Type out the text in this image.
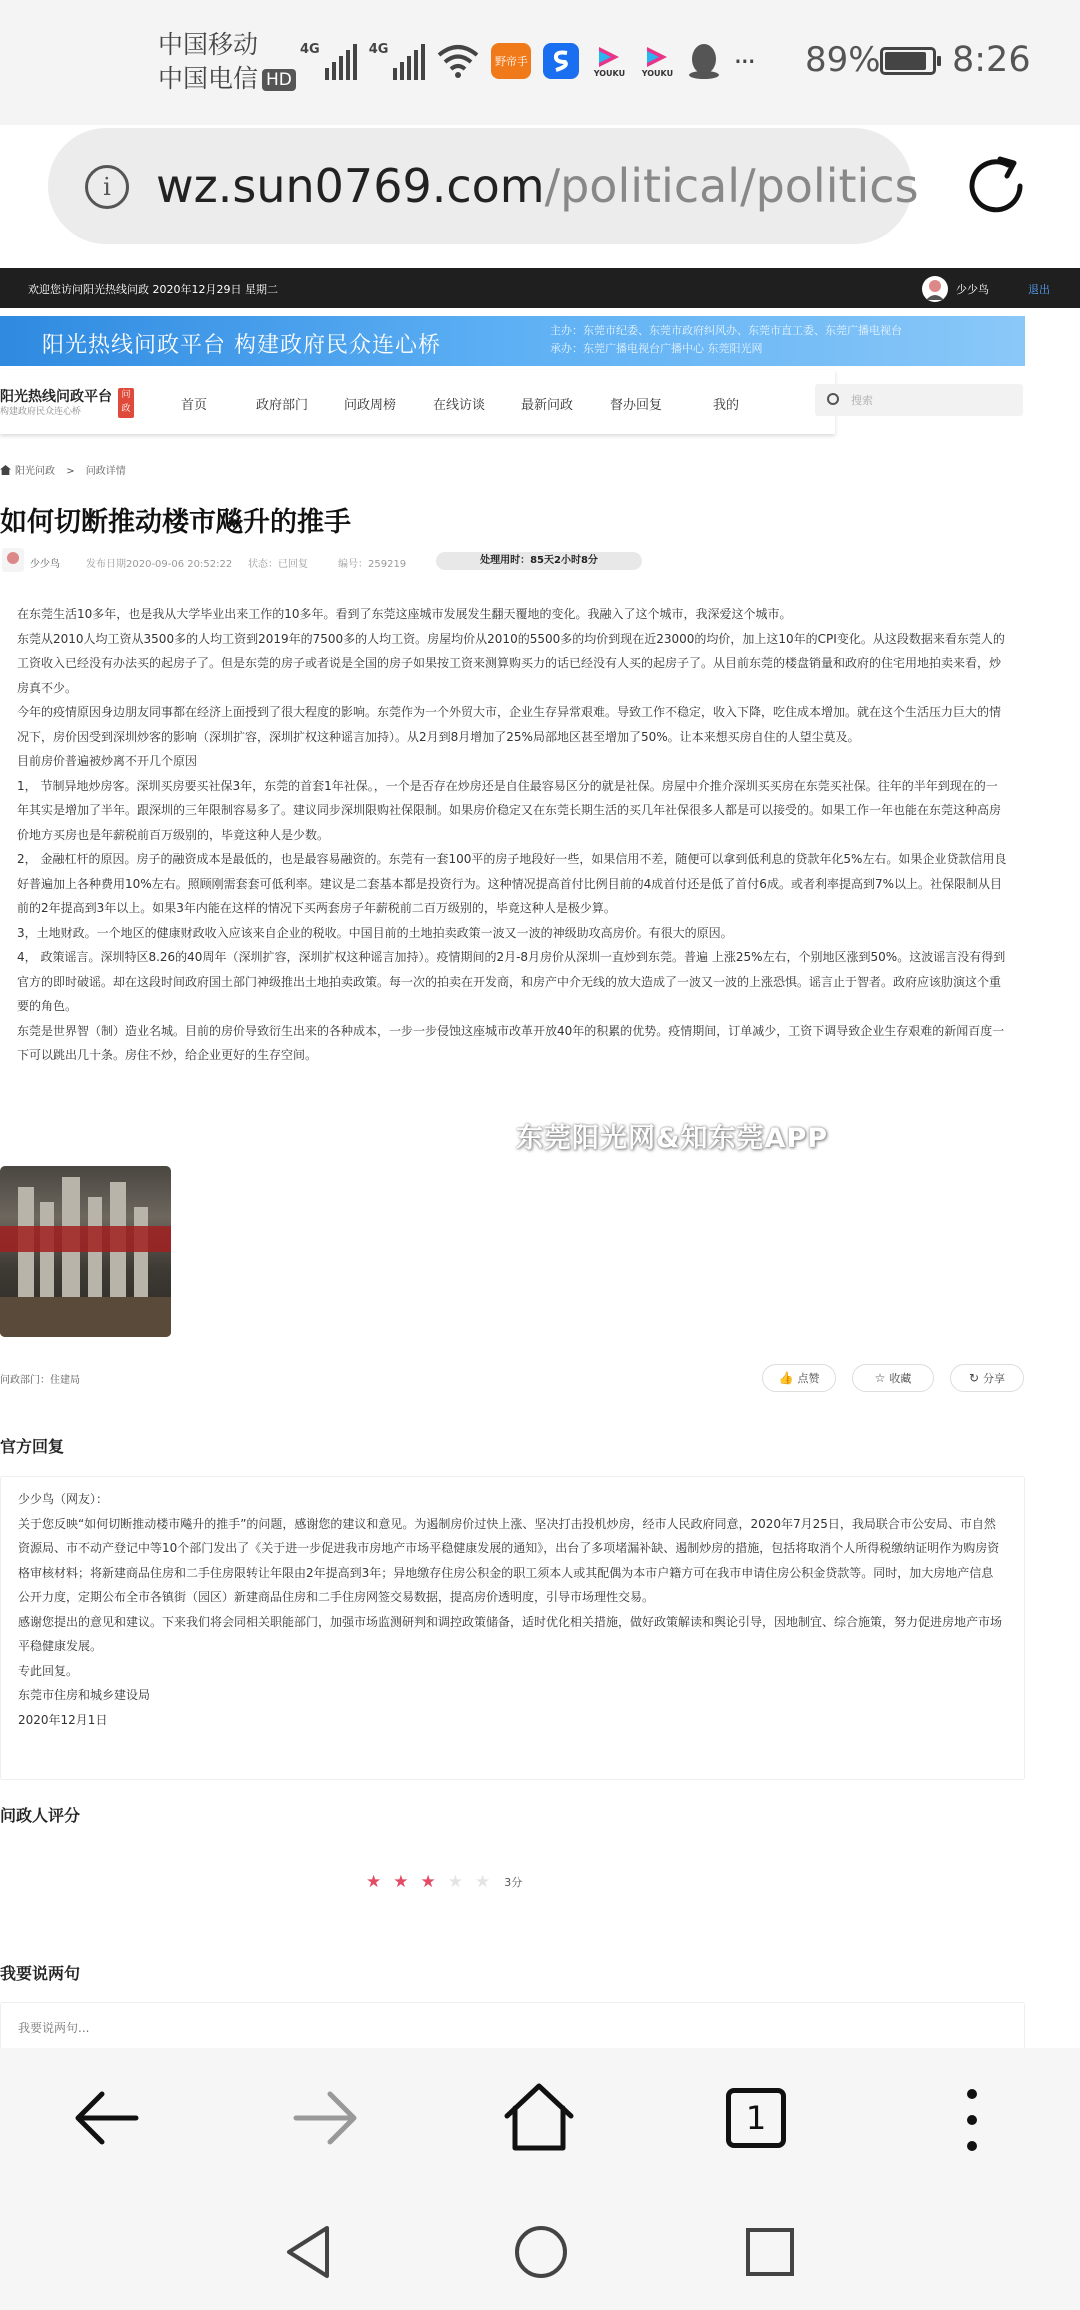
中国移动
中国电信 HD
4G	4G
野帝手
YOUKU YOUKU ··· 89% 8:26
i wz.sun0769.com/political/politics
欢迎您访问阳光热线问政 2020年12月29日 星期二	少少鸟	退出
阳光热线问政平台 构建政府民众连心桥
主办：东莞市纪委、东莞市政府纠风办、东莞市直工委、东莞广播电视台
承办：东莞广播电视台广播中心 东莞阳光网
阳光热线问政平台
构建政府民众连心桥
问政	首页	政府部门	问政周榜	在线访谈	最新问政	督办回复	我的	搜索
阳光问政 > 问政详情
如何切断推动楼市飚升的推手
少少鸟	发布日期2020-09-06 20:52:22 状态：已回复	编号：259219	处理用时：85天2小时8分

在东莞生活10多年，也是我从大学毕业出来工作的10多年。看到了东莞这座城市发展发生翻天覆地的变化。我融入了这个城市，我深爱这个城市。

东莞从2010人均工资从3500多的人均工资到2019年的7500多的人均工资。房屋均价从2010的5500多的均价到现在近23000的均价，加上这10年的CPI变化。从这段数据来看东莞人的工资收入已经没有办法买的起房子了。但是东莞的房子或者说是全国的房子如果按工资来测算购买力的话已经没有人买的起房子了。从目前东莞的楼盘销量和政府的住宅用地拍卖来看，炒房真不少。

今年的疫情原因身边朋友同事都在经济上面授到了很大程度的影响。东莞作为一个外贸大市，企业生存异常艰难。导致工作不稳定，收入下降，吃住成本增加。就在这个生活压力巨大的情况下，房价因受到深圳炒客的影响（深圳扩容，深圳扩权这种谣言加持）。从2月到8月增加了25%局部地区甚至增加了50%。让本来想买房自住的人望尘莫及。

目前房价普遍被炒离不开几个原因

1， 节制异地炒房客。深圳买房要买社保3年，东莞的首套1年社保。，一个是否存在炒房还是自住最容易区分的就是社保。房屋中介推介深圳买买房在东莞买社保。往年的半年到现在的一年其实是增加了半年。跟深圳的三年限制容易多了。建议同步深圳限购社保限制。如果房价稳定又在东莞长期生活的买几年社保很多人都是可以接受的。如果工作一年也能在东莞这种高房价地方买房也是年薪税前百万级别的，毕竟这种人是少数。

2， 金融杠杆的原因。房子的融资成本是最低的，也是最容易融资的。东莞有一套100平的房子地段好一些，如果信用不差，随便可以拿到低利息的贷款年化5%左右。如果企业贷款信用良好普遍加上各种费用10%左右。照顾刚需套套可低利率。建议是二套基本都是投资行为。这种情况提高首付比例目前的4成首付还是低了首付6成。或者利率提高到7%以上。社保限制从目前的2年提高到3年以上。如果3年内能在这样的情况下买两套房子年薪税前二百万级别的，毕竟这种人是极少算。

3，土地财政。一个地区的健康财政收入应该来自企业的税收。中国目前的土地拍卖政策一波又一波的神级助攻高房价。有很大的原因。

4， 政策谣言。深圳特区8.26的40周年（深圳扩容，深圳扩权这种谣言加持）。疫情期间的2月-8月房价从深圳一直炒到东莞。普遍 上涨25%左右，个别地区涨到50%。这波谣言没有得到官方的即时破谣。却在这段时间政府国土部门神级推出土地拍卖政策。每一次的拍卖在开发商，和房产中介无线的放大造成了一波又一波的上涨恐惧。谣言止于智者。政府应该肋演这个重要的角色。

东莞是世界智（制）造业名城。目前的房价导致衍生出来的各种成本，一步一步侵蚀这座城市改革开放40年的积累的优势。疫情期间，订单减少，工资下调导致企业生存艰难的新闻百度一下可以跳出几十条。房住不炒，给企业更好的生存空间。

东莞阳光网&知东莞APP
问政部门：住建局	👍 点赞	☆ 收藏	↻ 分享
官方回复

少少鸟（网友）：

关于您反映“如何切断推动楼市飚升的推手”的问题，感谢您的建议和意见。为遏制房价过快上涨、坚决打击投机炒房，经市人民政府同意，2020年7月25日，我局联合市公安局、市自然资源局、市不动产登记中等10个部门发出了《关于进一步促进我市房地产市场平稳健康发展的通知》，出台了多项堵漏补缺、遏制炒房的措施，包括将取消个人所得税缴纳证明作为购房资格审核材料；将新建商品住房和二手住房限转让年限由2年提高到3年；异地缴存住房公积金的职工须本人或其配偶为本市户籍方可在我市申请住房公积金贷款等。同时，加大房地产信息公开力度，定期公布全市各镇街（园区）新建商品住房和二手住房网签交易数据，提高房价透明度，引导市场理性交易。

感谢您提出的意见和建议。下来我们将会同相关职能部门，加强市场监测研判和调控政策储备，适时优化相关措施，做好政策解读和舆论引导，因地制宜、综合施策，努力促进房地产市场平稳健康发展。

专此回复。

东莞市住房和城乡建设局

2020年12月1日

问政人评分
★ ★ ★ ★ ★ 3分
我要说两句
我要说两句...
1
